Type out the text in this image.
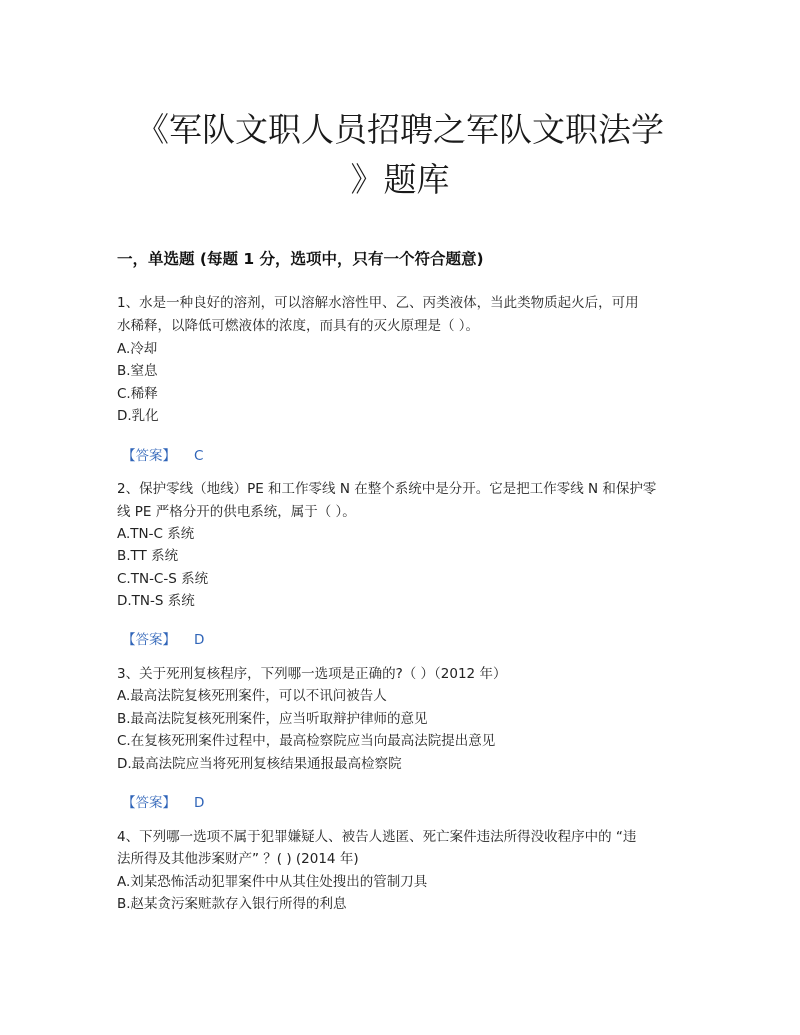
《军队文职人员招聘之军队文职法学
》题库
一，单选题 (每题 1 分，选项中，只有一个符合题意)
1、水是一种良好的溶剂，可以溶解水溶性甲、乙、丙类液体，当此类物质起火后，可用
水稀释，以降低可燃液体的浓度，而具有的灭火原理是（ ）。
A.冷却
B.窒息
C.稀释
D.乳化
【答案】 C
2、保护零线（地线）PE 和工作零线 N 在整个系统中是分开。它是把工作零线 N 和保护零
线 PE 严格分开的供电系统，属于（ ）。
A.TN-C 系统
B.TT 系统
C.TN-C-S 系统
D.TN-S 系统
【答案】 D
3、关于死刑复核程序，下列哪一选项是正确的?（ ）（2012 年）
A.最高法院复核死刑案件，可以不讯问被告人
B.最高法院复核死刑案件，应当听取辩护律师的意见
C.在复核死刑案件过程中，最高检察院应当向最高法院提出意见
D.最高法院应当将死刑复核结果通报最高检察院
【答案】 D
4、下列哪一选项不属于犯罪嫌疑人、被告人逃匿、死亡案件违法所得没收程序中的 “违
法所得及其他涉案财产” ？( ) (2014 年)
A.刘某恐怖活动犯罪案件中从其住处搜出的管制刀具
B.赵某贪污案赃款存入银行所得的利息
